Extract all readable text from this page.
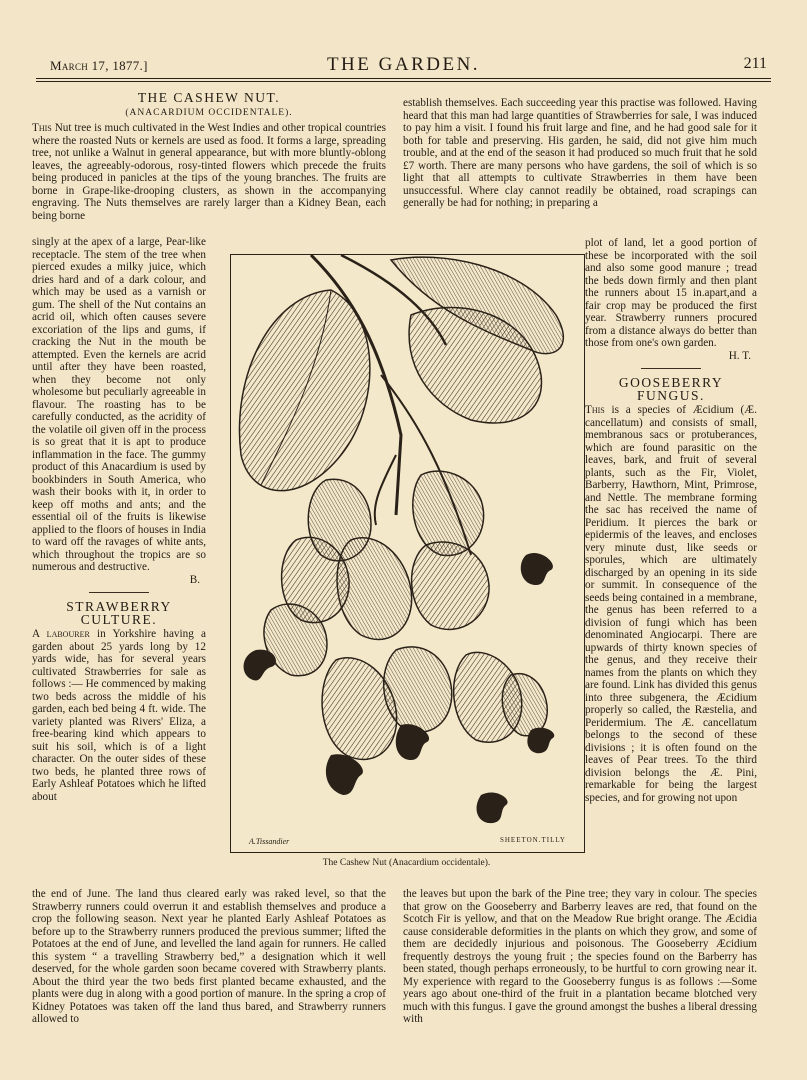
March 17, 1877.]	THE GARDEN.	211
THE CASHEW NUT.
(ANACARDIUM OCCIDENTALE).

This Nut tree is much cultivated in the West Indies and other tropical countries where the roasted Nuts or kernels are used as food. It forms a large, spreading tree, not unlike a Walnut in general appearance, but with more bluntly-oblong leaves, the agreeably-odorous, rosy-tinted flowers which precede the fruits being produced in panicles at the tips of the young branches. The fruits are borne in Grape-like-drooping clusters, as shown in the accompanying engraving. The Nuts themselves are rarely larger than a Kidney Bean, each being borne

singly at the apex of a large, Pear-like receptacle. The stem of the tree when pierced exudes a milky juice, which dries hard and of a dark colour, and which may be used as a varnish or gum. The shell of the Nut contains an acrid oil, which often causes severe excoriation of the lips and gums, if cracking the Nut in the mouth be attempted. Even the kernels are acrid until after they have been roasted, when they become not only wholesome but peculiarly agreeable in flavour. The roasting has to be carefully conducted, as the acridity of the volatile oil given off in the process is so great that it is apt to produce inflammation in the face. The gummy product of this Anacardium is used by bookbinders in South America, who wash their books with it, in order to keep off moths and ants; and the essential oil of the fruits is likewise applied to the floors of houses in India to ward off the ravages of white ants, which throughout the tropics are so numerous and destructive.

B.
STRAWBERRY CULTURE.

A labourer in Yorkshire having a garden about 25 yards long by 12 yards wide, has for several years cultivated Strawberries for sale as follows :— He commenced by making two beds across the middle of his garden, each bed being 4 ft. wide. The variety planted was Rivers' Eliza, a free-bearing kind which appears to suit his soil, which is of a light character. On the outer sides of these two beds, he planted three rows of Early Ashleaf Potatoes which he lifted about

the end of June. The land thus cleared early was raked level, so that the Strawberry runners could overrun it and establish themselves and produce a crop the following season. Next year he planted Early Ashleaf Potatoes as before up to the Strawberry runners produced the previous summer; lifted the Potatoes at the end of June, and levelled the land again for runners. He called this system “ a travelling Strawberry bed,” a designation which it well deserved, for the whole garden soon became covered with Strawberry plants. About the third year the two beds first planted became exhausted, and the plants were dug in along with a good portion of manure. In the spring a crop of Kidney Potatoes was taken off the land thus bared, and Strawberry runners allowed to

establish themselves. Each succeeding year this practise was followed. Having heard that this man had large quantities of Strawberries for sale, I was induced to pay him a visit. I found his fruit large and fine, and he had good sale for it both for table and preserving. His garden, he said, did not give him much trouble, and at the end of the season it had produced so much fruit that he sold £7 worth. There are many persons who have gardens, the soil of which is so light that all attempts to cultivate Strawberries in them have been unsuccessful. Where clay cannot readily be obtained, road scrapings can generally be had for nothing; in preparing a

plot of land, let a good portion of these be incorporated with the soil and also some good manure ; tread the beds down firmly and then plant the runners about 15 in.apart,and a fair crop may be produced the first year. Strawberry runners procured from a distance always do better than those from one's own garden.

H. T.
GOOSEBERRY FUNGUS.

This is a species of Æcidium (Æ. cancellatum) and consists of small, membranous sacs or protuberances, which are found parasitic on the leaves, bark, and fruit of several plants, such as the Fir, Violet, Barberry, Hawthorn, Mint, Primrose, and Nettle. The membrane forming the sac has received the name of Peridium. It pierces the bark or epidermis of the leaves, and encloses very minute dust, like seeds or sporules, which are ultimately discharged by an opening in its side or summit. In consequence of the seeds being contained in a membrane, the genus has been referred to a division of fungi which has been denominated Angiocarpi. There are upwards of thirty known species of the genus, and they receive their names from the plants on which they are found. Link has divided this genus into three subgenera, the Æcidium properly so called, the Ræstelia, and Peridermium. The Æ. cancellatum belongs to the second of these divisions ; it is often found on the leaves of Pear trees. To the third division belongs the Æ. Pini, remarkable for being the largest species, and for growing not upon

the leaves but upon the bark of the Pine tree; they vary in colour. The species that grow on the Gooseberry and Barberry leaves are red, that found on the Scotch Fir is yellow, and that on the Meadow Rue bright orange. The Æcidia cause considerable deformities in the plants on which they grow, and some of them are decidedly injurious and poisonous. The Gooseberry Æcidium frequently destroys the young fruit ; the species found on the Barberry has been stated, though perhaps erroneously, to be hurtful to corn growing near it. My experience with regard to the Gooseberry fungus is as follows :—Some years ago about one-third of the fruit in a plantation became blotched very much with this fungus. I gave the ground amongst the bushes a liberal dressing with

A.Tissandier	SHEETON.TILLY
The Cashew Nut (Anacardium occidentale).
